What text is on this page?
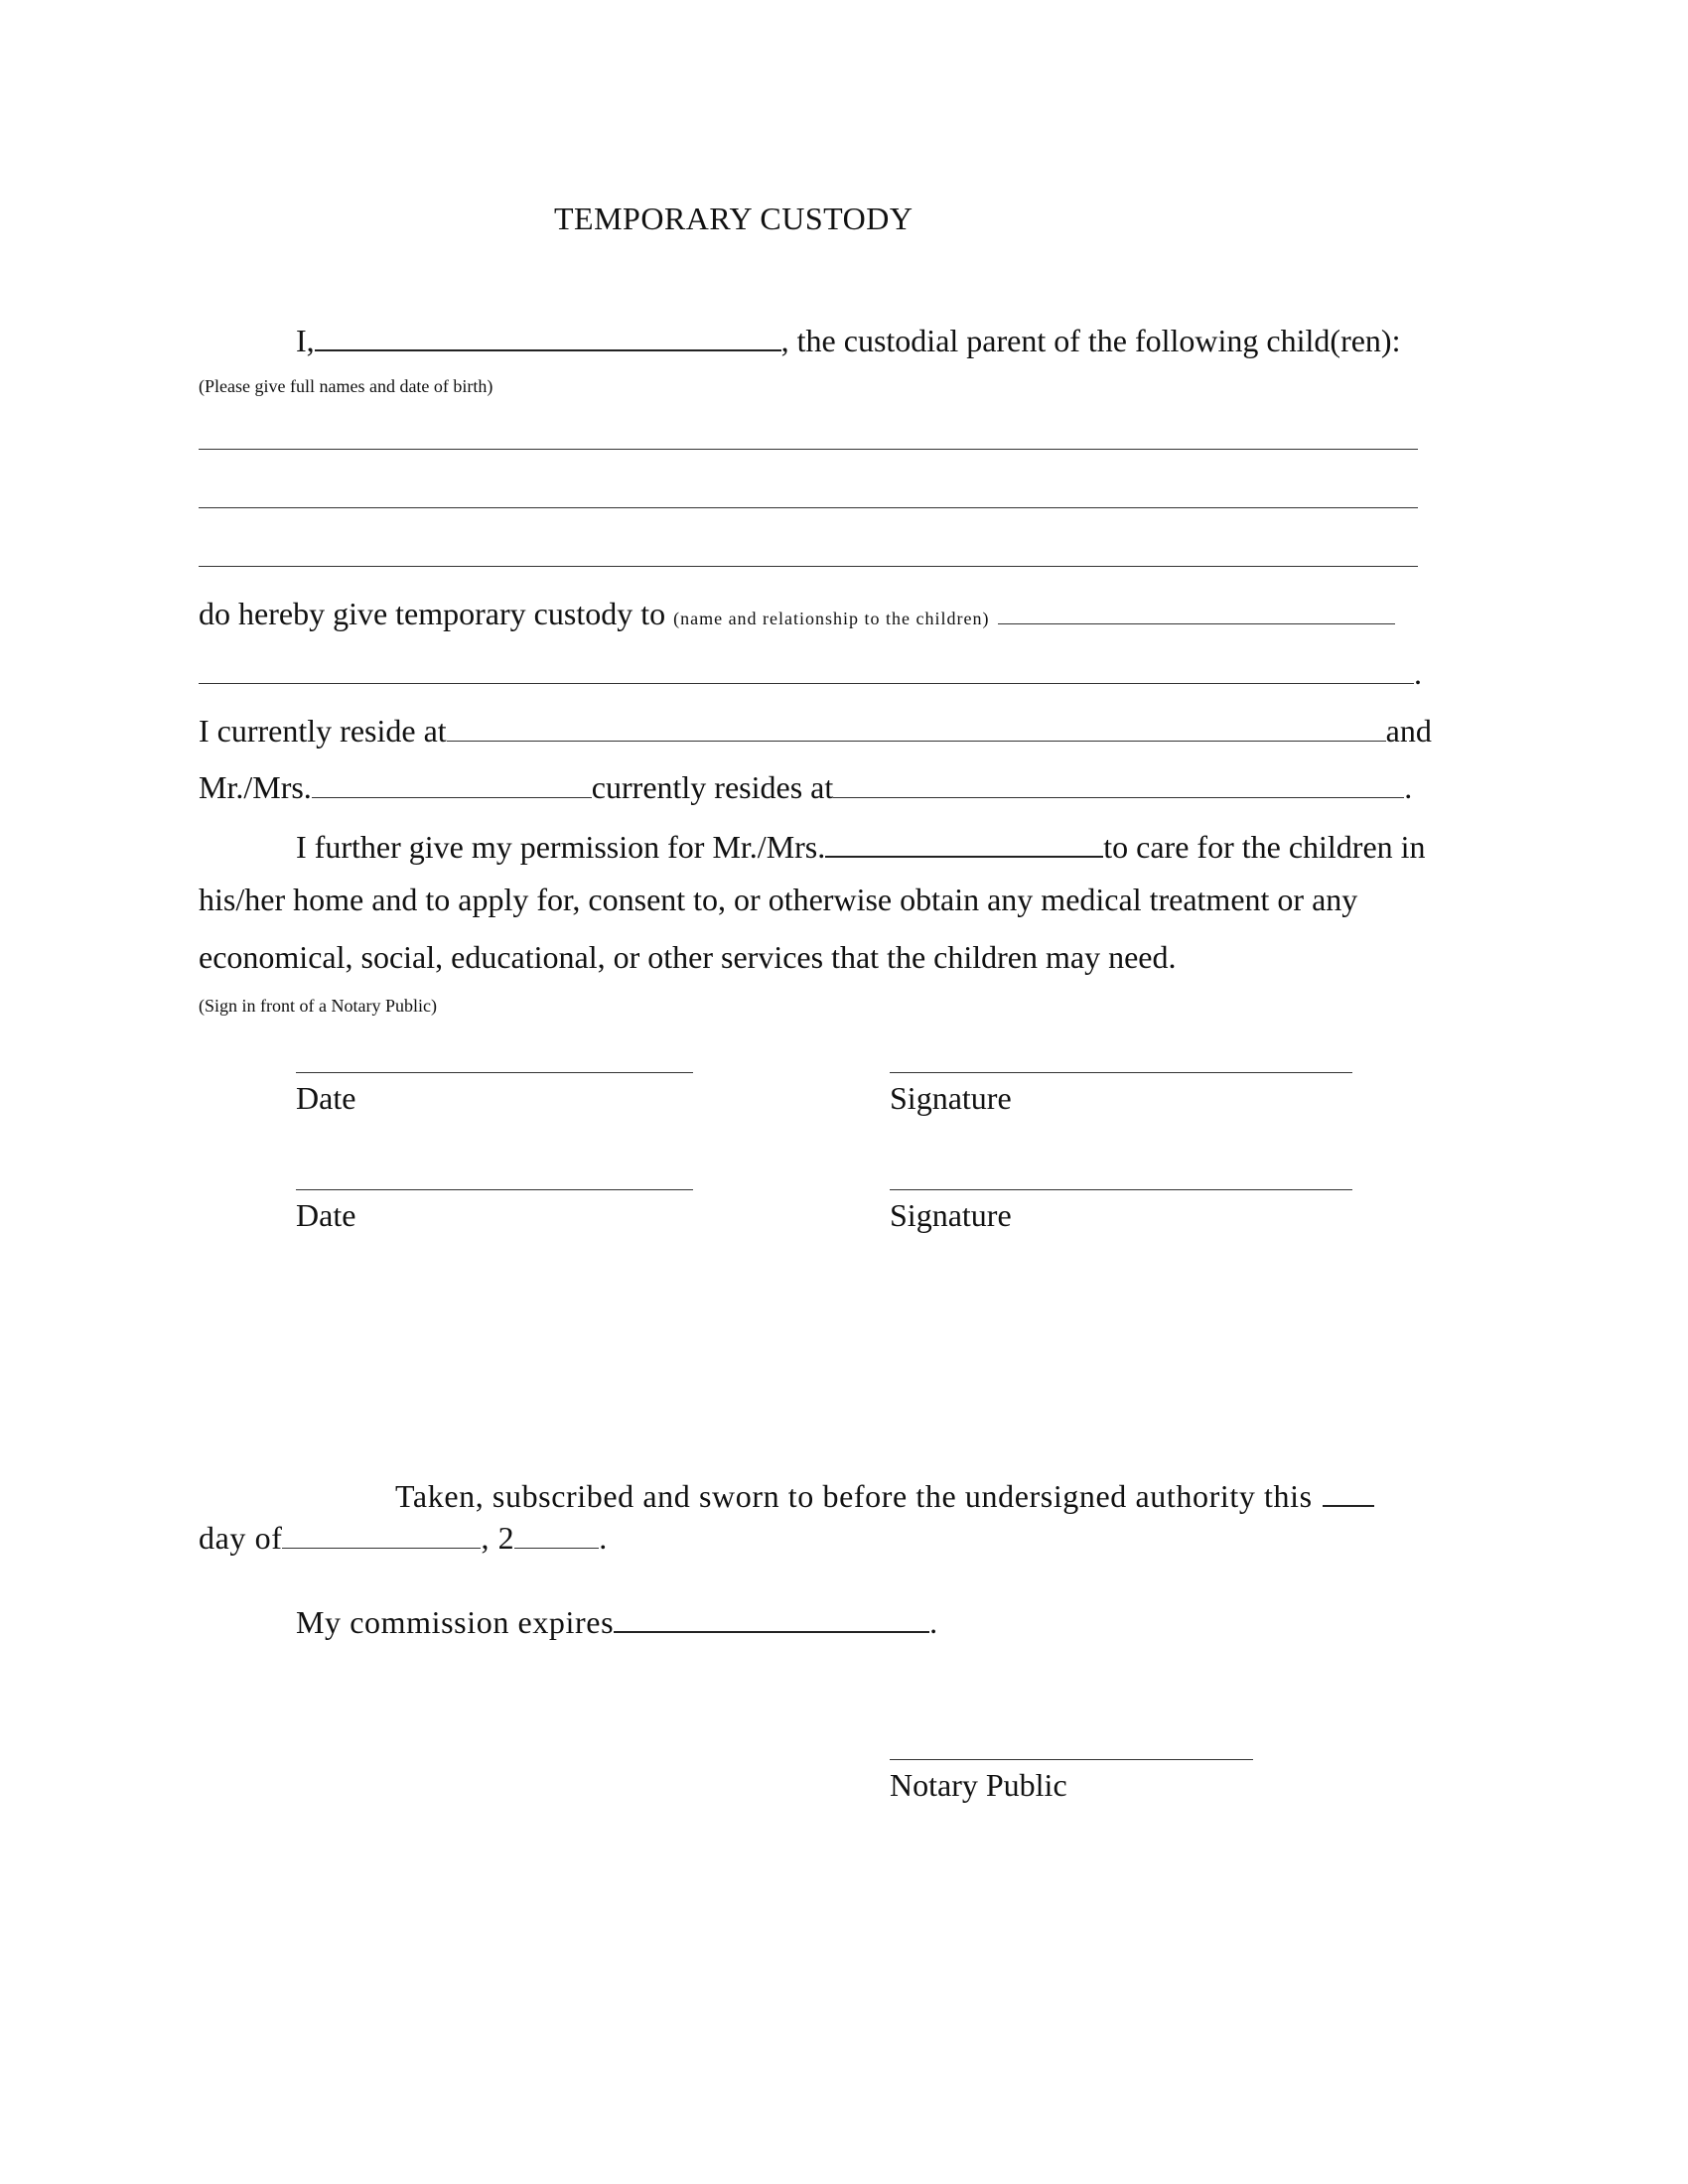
TEMPORARY CUSTODY
I,	, the custodial parent of the following child(ren):
(Please give full names and date of birth)
do hereby give temporary custody to (name and relationship to the children)
.
I currently reside at	and
Mr./Mrs.	currently resides at	.
I further give my permission for Mr./Mrs.	to care for the children in
his/her home and to apply for, consent to, or otherwise obtain any medical treatment or any
economical, social, educational, or other services that the children may need.
(Sign in front of a Notary Public)
Date	Signature
Date	Signature
Taken, subscribed and sworn to before the undersigned authority this
day of	, 2	.
My commission expires	.
Notary Public
